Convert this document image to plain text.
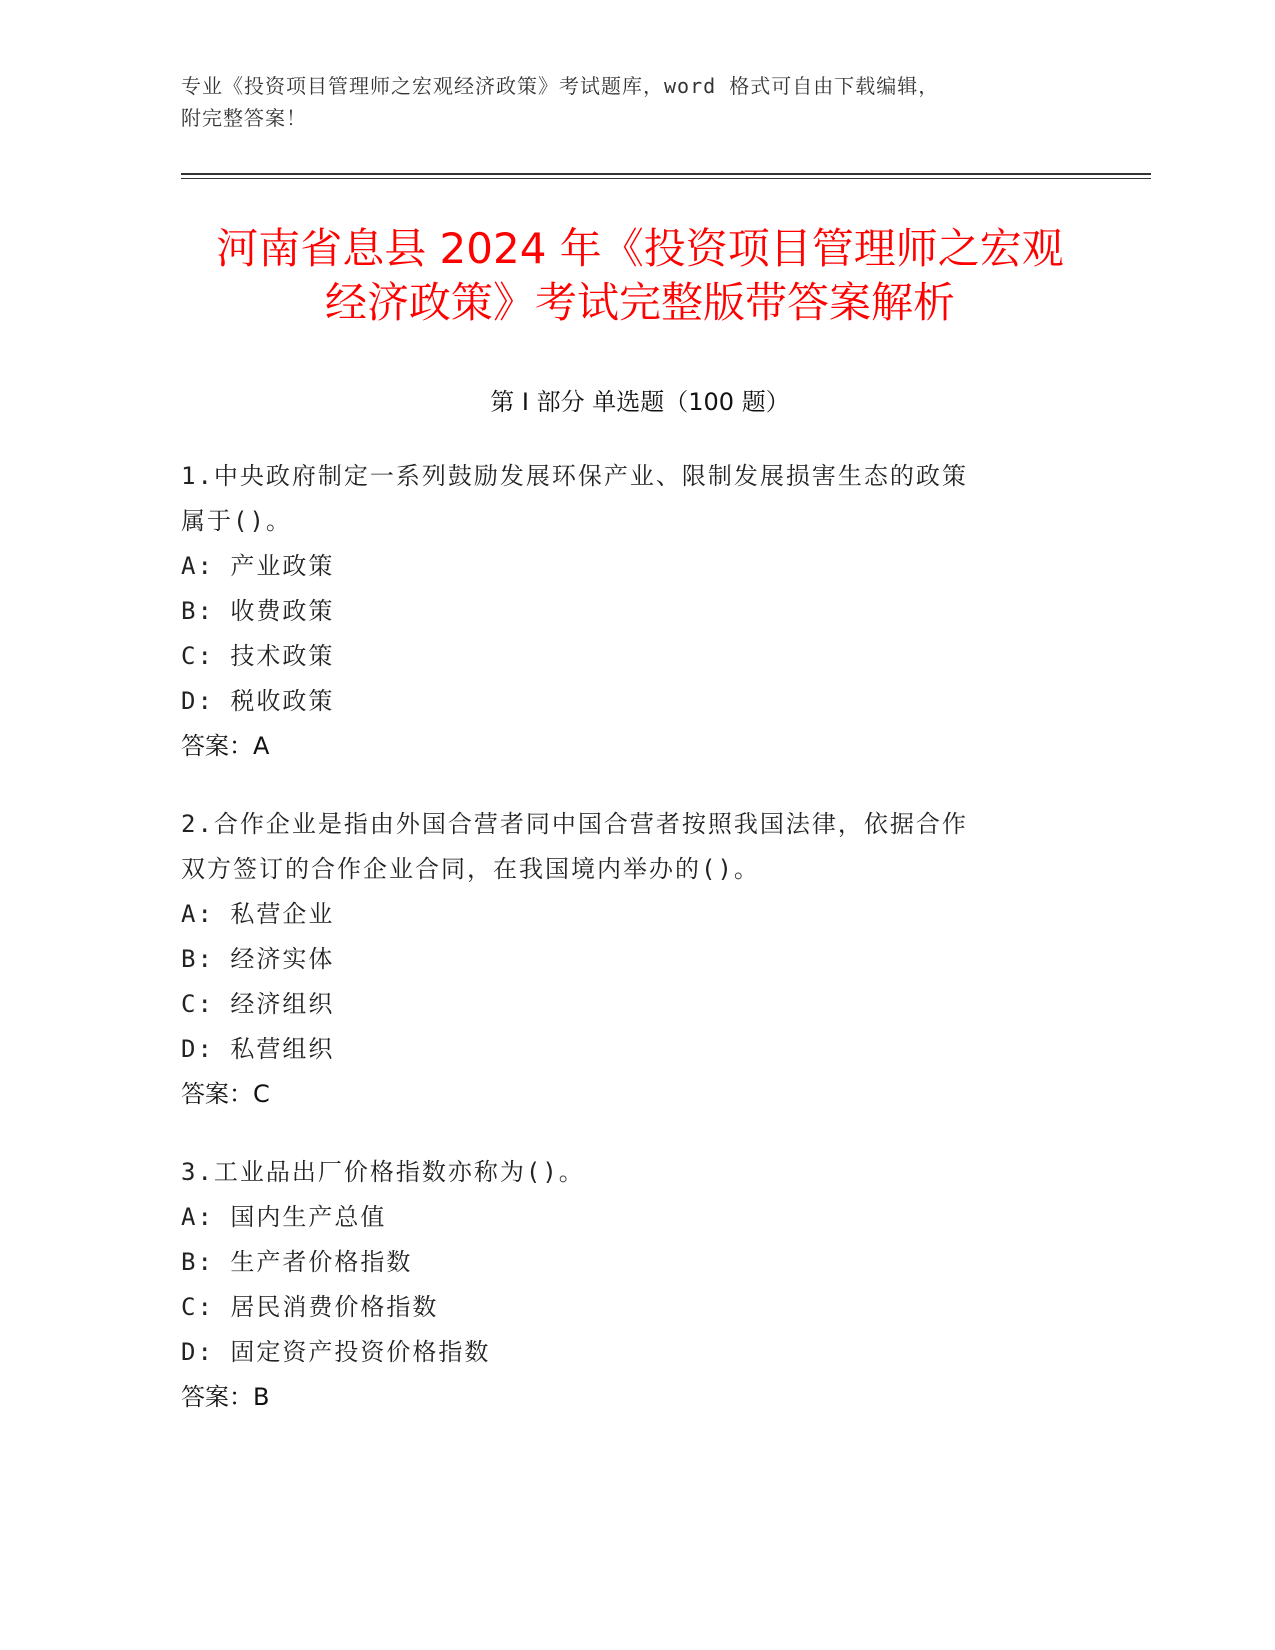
专业《投资项目管理师之宏观经济政策》考试题库，word 格式可自由下载编辑，
附完整答案！
河南省息县 2024 年《投资项目管理师之宏观
经济政策》考试完整版带答案解析
第 I 部分 单选题（100 题）

1.中央政府制定一系列鼓励发展环保产业、限制发展损害生态的政策

属于()。

A: 产业政策

B: 收费政策

C: 技术政策

D: 税收政策

答案：A

2.合作企业是指由外国合营者同中国合营者按照我国法律，依据合作

双方签订的合作企业合同，在我国境内举办的()。

A: 私营企业

B: 经济实体

C: 经济组织

D: 私营组织

答案：C

3.工业品出厂价格指数亦称为()。

A: 国内生产总值

B: 生产者价格指数

C: 居民消费价格指数

D: 固定资产投资价格指数

答案：B
